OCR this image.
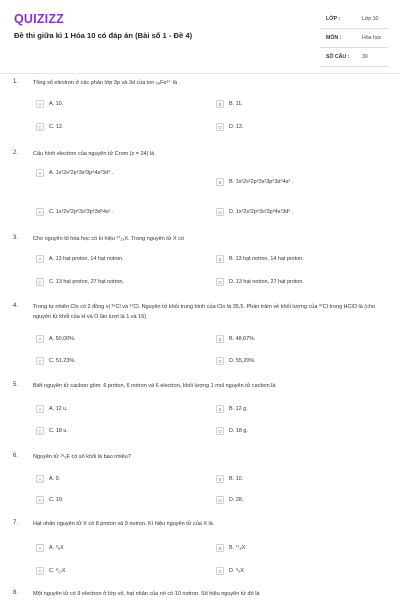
QUIZIZZ
Đề thi giữa kì 1 Hóa 10 có đáp án (Bài số 1 - Đề 4)
LỚP :	Lớp 10
MÔN :	Hóa học
SỐ CÂU : 30
1.	Tổng số electron ở các phân lớp 3p và 3d của ion ₂₆Fe³⁺ là
A	A. 10.	B	B. 11.
C	C. 12.	D	D. 13.
2.	Cấu hình electron của nguyên tử Crom (z = 24) là
A	A. 1s²2s²2p⁶3s²3p⁶4s²3d⁴ .
B	B. 1s²2s²2p⁶3s²3p⁶3d⁴4s² .
C	C. 1s²2s²2p⁶3s²3p⁶3d⁵4s¹ .	D	D. 1s²2s²2p⁶3s²3p⁶4s¹3d⁵ .
3.	Cho nguyên tố hóa học có kí hiệu ²⁷₁₃X. Trong nguyên tử X có
A	A. 13 hạt proton, 14 hạt notron.	B	B. 13 hạt notron, 14 hạt proton.
C	C. 13 hạt proton, 27 hạt notron.	D	D. 13 hạt notron, 27 hạt proton.
4.	Trong tự nhiên Clo có 2 đồng vị ³⁵Cl và ³⁷Cl. Nguyên tử khối trung bình của Clo là 35,5. Phần trăm về khối lượng của ³⁷Cl trong HClO là (cho nguyên tử khối của H và O lần lượt là 1 và 16)
A	A. 50,00%.	B	B. 48,67%.
C	C. 51,23%.	D	D. 55,20%.
5.	Biết nguyên tử cacbon gồm: 6 proton, 6 notron và 6 electron, khối lượng 1 mol nguyên tử cacbon là
A	A. 12 u.	B	B. 12 g.
C	C. 18 u.	D	D. 18 g.
6.	Nguyên tử ¹⁹₉F có số khối là bao nhiêu?
A	A. 9.	B	B. 10.
C	C. 19.	D	D. 28.
7.	Hạt nhân nguyên tử X có 8 proton và 9 notron. Kí hiệu nguyên tử của X là
A	A. ⁹₈X	B	B. ¹⁷₈X
C	C. ⁸₁₇X	D	D. ⁸₉X
8.	Một nguyên tử có 9 electron ở lớp vỏ, hạt nhân của nó có 10 notron. Số hiệu nguyên tử đó là
